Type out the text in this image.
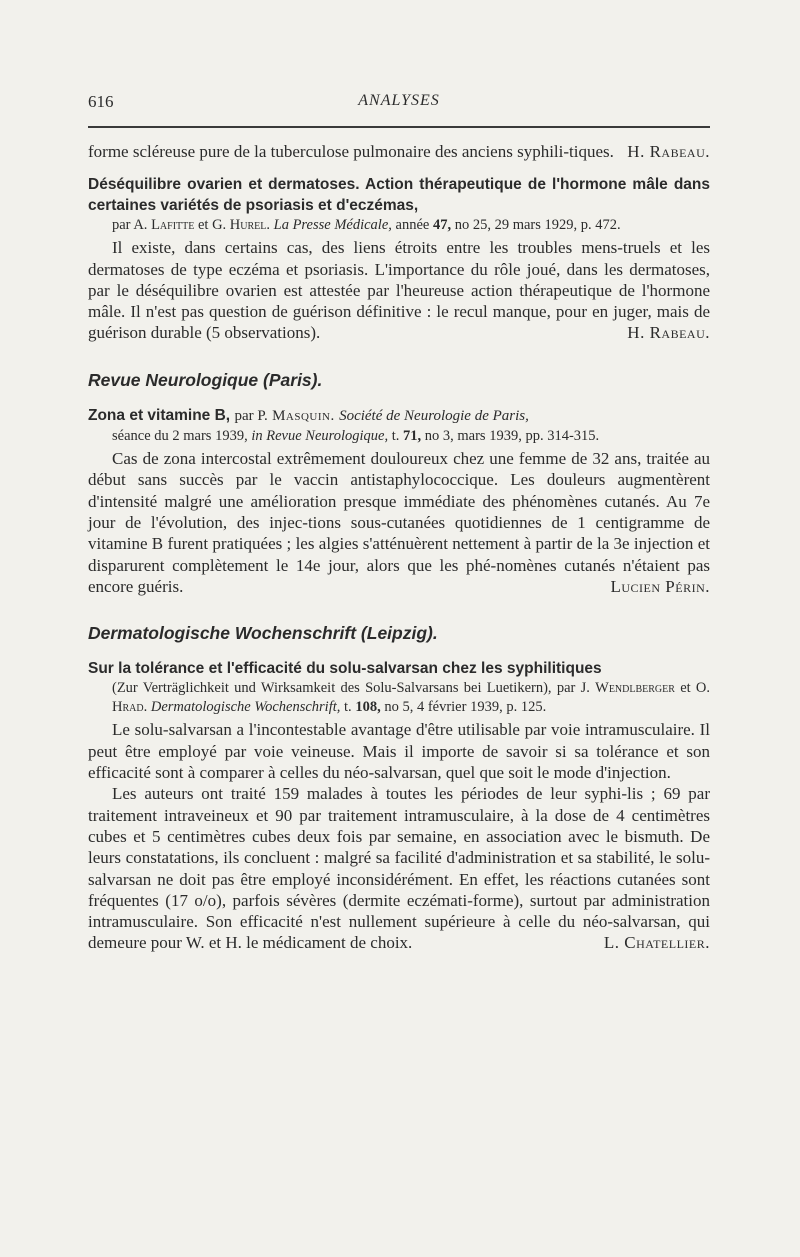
616	ANALYSES

forme scléreuse pure de la tuberculose pulmonaire des anciens syphili-tiques. H. Rabeau.

Déséquilibre ovarien et dermatoses. Action thérapeutique de l'hormone mâle dans certaines variétés de psoriasis et d'eczémas,

par A. Lafitte et G. Hurel. La Presse Médicale, année 47, no 25, 29 mars 1929, p. 472.

Il existe, dans certains cas, des liens étroits entre les troubles mens-truels et les dermatoses de type eczéma et psoriasis. L'importance du rôle joué, dans les dermatoses, par le déséquilibre ovarien est attestée par l'heureuse action thérapeutique de l'hormone mâle. Il n'est pas question de guérison définitive : le recul manque, pour en juger, mais de guérison durable (5 observations).	H. Rabeau.

Revue Neurologique (Paris).

Zona et vitamine B, par P. Masquin. Société de Neurologie de Paris,

séance du 2 mars 1939, in Revue Neurologique, t. 71, no 3, mars 1939, pp. 314-315.

Cas de zona intercostal extrêmement douloureux chez une femme de 32 ans, traitée au début sans succès par le vaccin antistaphylococcique. Les douleurs augmentèrent d'intensité malgré une amélioration presque immédiate des phénomènes cutanés. Au 7e jour de l'évolution, des injec-tions sous-cutanées quotidiennes de 1 centigramme de vitamine B furent pratiquées ; les algies s'atténuèrent nettement à partir de la 3e injection et disparurent complètement le 14e jour, alors que les phé-nomènes cutanés n'étaient pas encore guéris.	Lucien Périn.

Dermatologische Wochenschrift (Leipzig).

Sur la tolérance et l'efficacité du solu-salvarsan chez les syphilitiques

(Zur Verträglichkeit und Wirksamkeit des Solu-Salvarsans bei Luetikern), par J. Wendlberger et O. Hrad. Dermatologische Wochenschrift, t. 108, no 5, 4 février 1939, p. 125.

Le solu-salvarsan a l'incontestable avantage d'être utilisable par voie intramusculaire. Il peut être employé par voie veineuse. Mais il importe de savoir si sa tolérance et son efficacité sont à comparer à celles du néo-salvarsan, quel que soit le mode d'injection.

Les auteurs ont traité 159 malades à toutes les périodes de leur syphi-lis ; 69 par traitement intraveineux et 90 par traitement intramusculaire, à la dose de 4 centimètres cubes et 5 centimètres cubes deux fois par semaine, en association avec le bismuth. De leurs constatations, ils concluent : malgré sa facilité d'administration et sa stabilité, le solu-salvarsan ne doit pas être employé inconsidérément. En effet, les réactions cutanées sont fréquentes (17 o/o), parfois sévères (dermite eczémati-forme), surtout par administration intramusculaire. Son efficacité n'est nullement supérieure à celle du néo-salvarsan, qui demeure pour W. et H. le médicament de choix.	L. Chatellier.
